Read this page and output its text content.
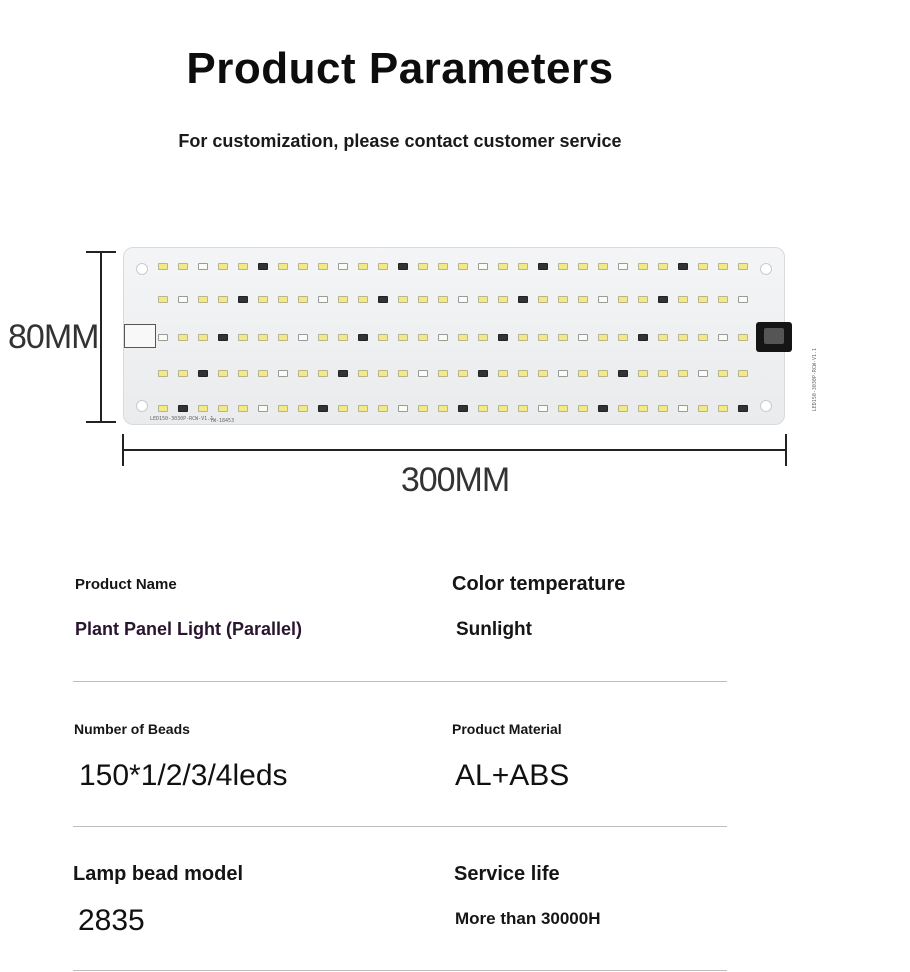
Product Parameters
For customization, please contact customer service
80MM
LED150-3030P-RCW-V1.1
YW-18453
LED150-3030P-RCW-V1.1
300MM
Product Name
Plant Panel Light (Parallel)
Color temperature
Sunlight
Number of Beads
150*1/2/3/4leds
Product Material
AL+ABS
Lamp bead model
2835
Service life
More than 30000H
